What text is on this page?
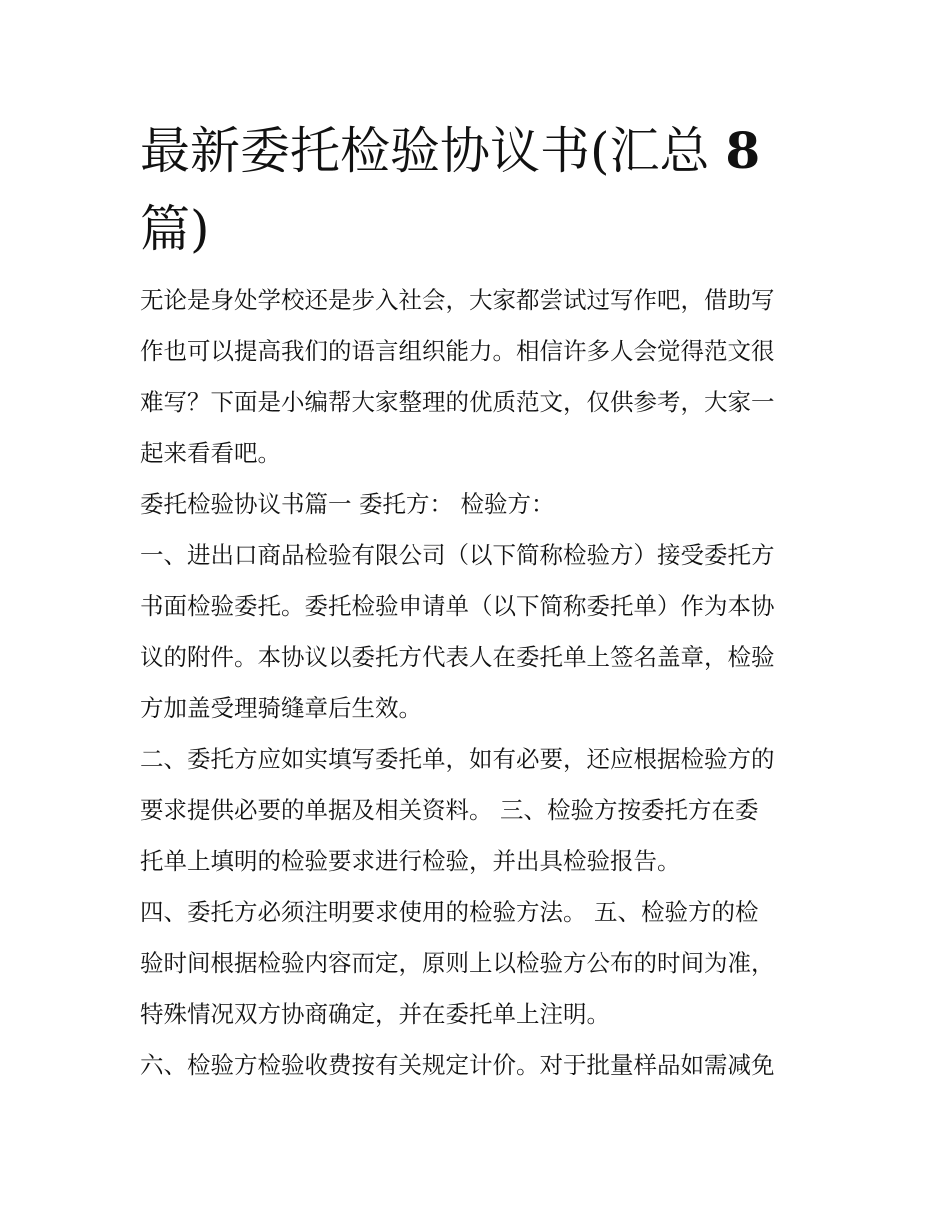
最新委托检验协议书(汇总 8
篇)

无论是身处学校还是步入社会，大家都尝试过写作吧，借助写
作也可以提高我们的语言组织能力。相信许多人会觉得范文很
难写？下面是小编帮大家整理的优质范文，仅供参考，大家一
起来看看吧。

委托检验协议书篇一 委托方： 检验方：

一、进出口商品检验有限公司（以下简称检验方）接受委托方
书面检验委托。委托检验申请单（以下简称委托单）作为本协
议的附件。本协议以委托方代表人在委托单上签名盖章，检验
方加盖受理骑缝章后生效。

二、委托方应如实填写委托单，如有必要，还应根据检验方的
要求提供必要的单据及相关资料。 三、检验方按委托方在委
托单上填明的检验要求进行检验，并出具检验报告。

四、委托方必须注明要求使用的检验方法。 五、检验方的检
验时间根据检验内容而定，原则上以检验方公布的时间为准，
特殊情况双方协商确定，并在委托单上注明。

六、检验方检验收费按有关规定计价。对于批量样品如需减免
